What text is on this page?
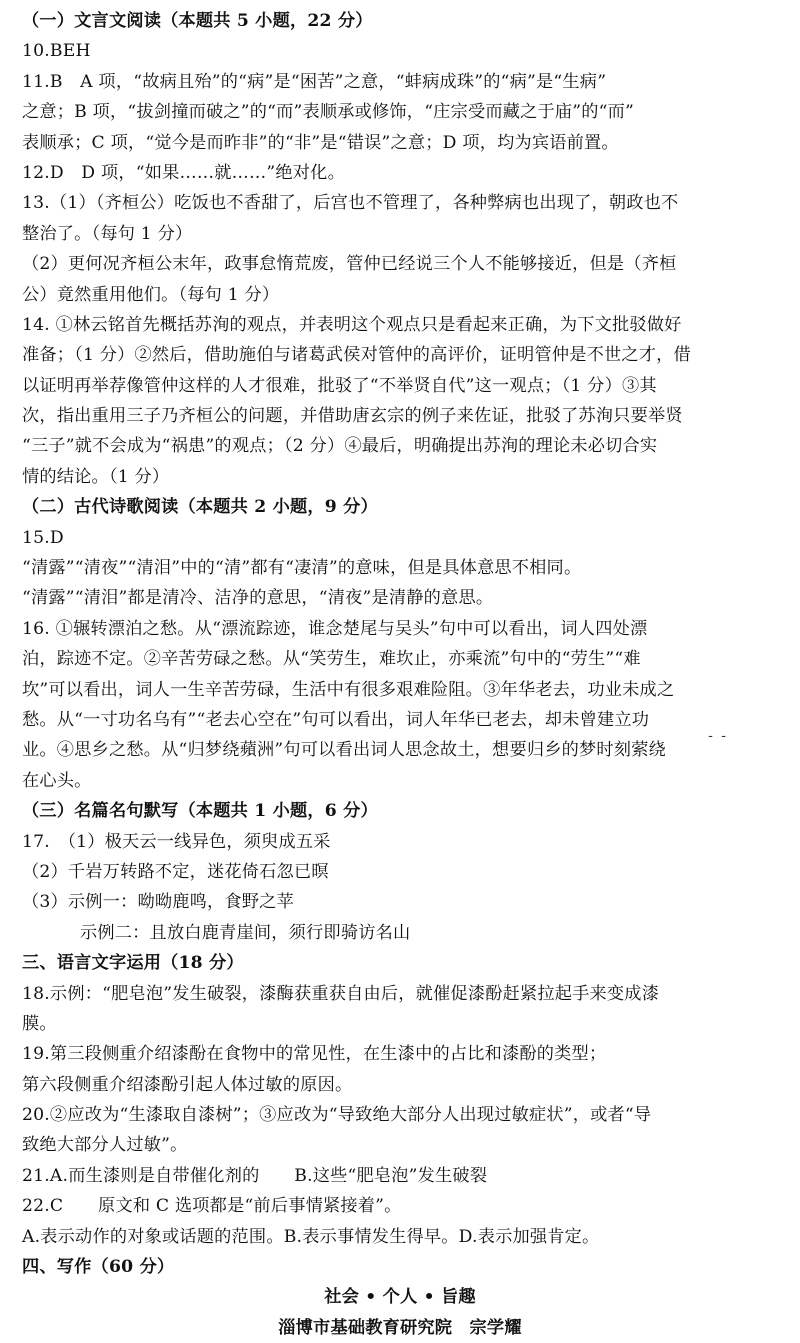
（一）文言文阅读（本题共 5 小题，22 分）
10.BEH
11.B　A 项，“故病且殆”的“病”是“困苦”之意，“蚌病成珠”的“病”是“生病”
之意；B 项，“拔剑撞而破之”的“而”表顺承或修饰，“庄宗受而藏之于庙”的“而”
表顺承；C 项，“觉今是而昨非”的“非”是“错误”之意；D 项，均为宾语前置。
12.D　D 项，“如果……就……”绝对化。
13.（1）（齐桓公）吃饭也不香甜了，后宫也不管理了，各种弊病也出现了，朝政也不
整治了。（每句 1 分）
（2）更何况齐桓公末年，政事怠惰荒废，管仲已经说三个人不能够接近，但是（齐桓
公）竟然重用他们。（每句 1 分）
14. ①林云铭首先概括苏洵的观点，并表明这个观点只是看起来正确，为下文批驳做好
准备；（1 分）②然后，借助施伯与诸葛武侯对管仲的高评价，证明管仲是不世之才，借
以证明再举荐像管仲这样的人才很难，批驳了“不举贤自代”这一观点；（1 分）③其
次，指出重用三子乃齐桓公的问题，并借助唐玄宗的例子来佐证，批驳了苏洵只要举贤
“三子”就不会成为“祸患”的观点；（2 分）④最后，明确提出苏洵的理论未必切合实
情的结论。（1 分）
（二）古代诗歌阅读（本题共 2 小题，9 分）
15.D
“清露”“清夜”“清泪”中的“清”都有“凄清”的意味，但是具体意思不相同。
“清露”“清泪”都是清冷、洁净的意思，“清夜”是清静的意思。
16. ①辗转漂泊之愁。从“漂流踪迹，谁念楚尾与吴头”句中可以看出，词人四处漂
泊，踪迹不定。②辛苦劳碌之愁。从“笑劳生，难坎止，亦乘流”句中的“劳生”“难
坎”可以看出，词人一生辛苦劳碌，生活中有很多艰难险阻。③年华老去，功业未成之
愁。从“一寸功名乌有”“老去心空在”句可以看出，词人年华已老去，却未曾建立功
业。④思乡之愁。从“归梦绕蘋洲”句可以看出词人思念故土，想要归乡的梦时刻萦绕
在心头。
（三）名篇名句默写（本题共 1 小题，6 分）
17.　（1）极天云一线异色，须臾成五采
（2）千岩万转路不定，迷花倚石忽已暝
（3）示例一：呦呦鹿鸣，食野之苹
示例二：且放白鹿青崖间，须行即骑访名山
三、语言文字运用（18 分）
18.示例：“肥皂泡”发生破裂，漆酶获重获自由后，就催促漆酚赶紧拉起手来变成漆
膜。
19.第三段侧重介绍漆酚在食物中的常见性，在生漆中的占比和漆酚的类型；
第六段侧重介绍漆酚引起人体过敏的原因。
20.②应改为“生漆取自漆树”；③应改为“导致绝大部分人出现过敏症状”，或者“导
致绝大部分人过敏”。
21.A.而生漆则是自带催化剂的　　B.这些“肥皂泡”发生破裂
22.C　　原文和 C 选项都是“前后事情紧接着”。
A.表示动作的对象或话题的范围。B.表示事情发生得早。D.表示加强肯定。
四、写作（60 分）
社会 • 个人 • 旨趣
淄博市基础教育研究院　宗学耀
- -
